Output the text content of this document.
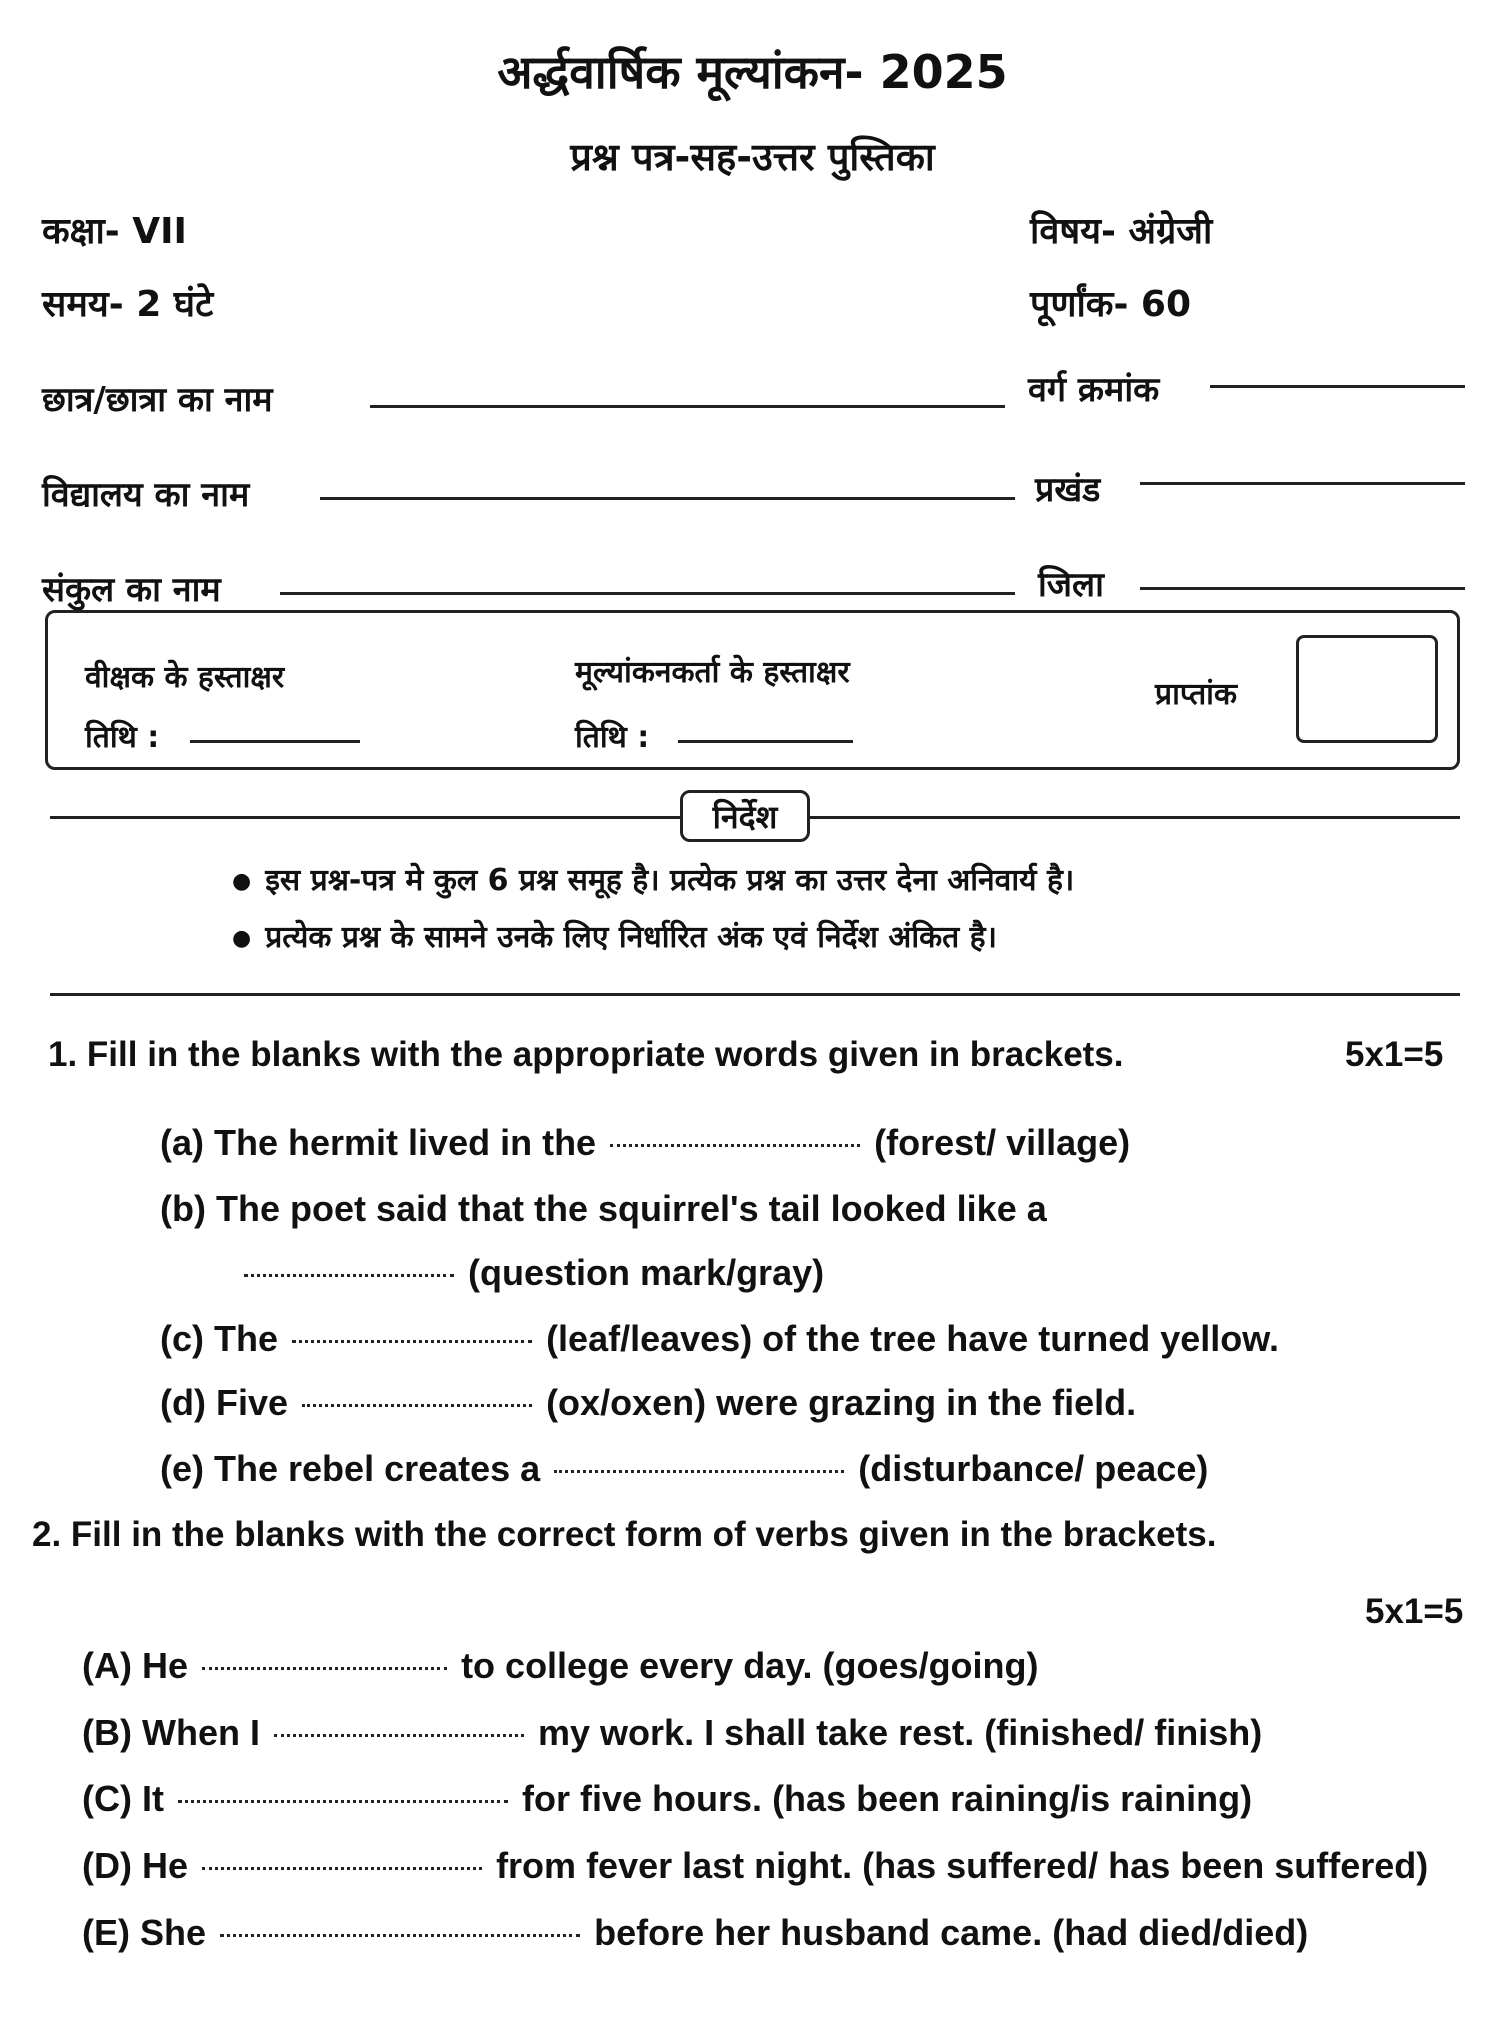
अर्द्धवार्षिक मूल्यांकन- 2025
प्रश्न पत्र-सह-उत्तर पुस्तिका
कक्षा- VII	विषय- अंग्रेजी
समय- 2 घंटे	पूर्णांक- 60
छात्र/छात्रा का नाम	वर्ग क्रमांक
विद्यालय का नाम	प्रखंड
संकुल का नाम	जिला
वीक्षक के हस्ताक्षर
तिथि :
मूल्यांकनकर्ता के हस्ताक्षर
तिथि :
प्राप्तांक
निर्देश
● इस प्रश्न-पत्र मे कुल 6 प्रश्न समूह है। प्रत्येक प्रश्न का उत्तर देना अनिवार्य है।
● प्रत्येक प्रश्न के सामने उनके लिए निर्धारित अंक एवं निर्देश अंकित है।
1. Fill in the blanks with the appropriate words given in brackets.	5x1=5
(a) The hermit lived in the	(forest/ village)
(b) The poet said that the squirrel's tail looked like a
(question mark/gray)
(c) The	(leaf/leaves) of the tree have turned yellow.
(d) Five	(ox/oxen) were grazing in the field.
(e) The rebel creates a	(disturbance/ peace)
2. Fill in the blanks with the correct form of verbs given in the brackets.
5x1=5
(A) He	to college every day. (goes/going)
(B) When I	my work. I shall take rest. (finished/ finish)
(C) It	for five hours. (has been raining/is raining)
(D) He	from fever last night. (has suffered/ has been suffered)
(E) She	before her husband came. (had died/died)
